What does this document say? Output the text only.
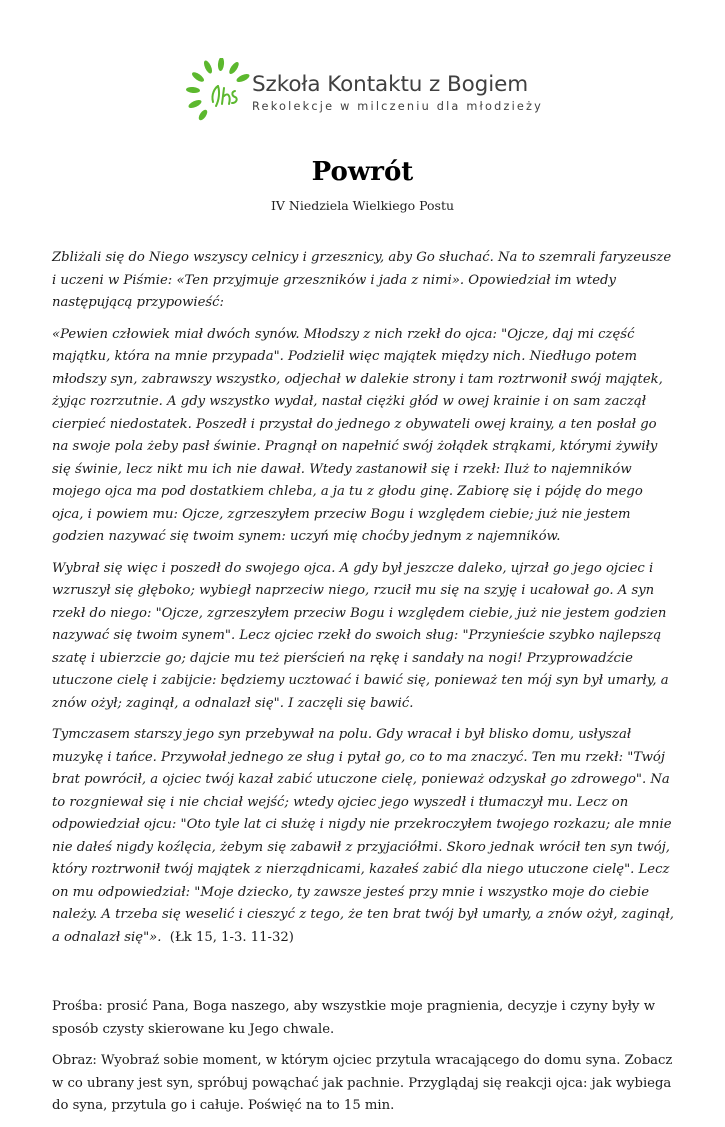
Szkoła Kontaktu z Bogiem
Rekolekcje w milczeniu dla młodzieży
Powrót
IV Niedziela Wielkiego Postu

Zbliżali się do Niego wszyscy celnicy i grzesznicy, aby Go słuchać. Na to szemrali faryzeusze i uczeni w Piśmie: «Ten przyjmuje grzeszników i jada z nimi». Opowiedział im wtedy następującą przypowieść:

«Pewien człowiek miał dwóch synów. Młodszy z nich rzekł do ojca: "Ojcze, daj mi część majątku, która na mnie przypada". Podzielił więc majątek między nich. Niedługo potem młodszy syn, zabrawszy wszystko, odjechał w dalekie strony i tam roztrwonił swój majątek, żyjąc rozrzutnie. A gdy wszystko wydał, nastał ciężki głód w owej krainie i on sam zaczął cierpieć niedostatek. Poszedł i przystał do jednego z obywateli owej krainy, a ten posłał go na swoje pola żeby pasł świnie. Pragnął on napełnić swój żołądek strąkami, którymi żywiły się świnie, lecz nikt mu ich nie dawał. Wtedy zastanowił się i rzekł: Iluż to najemników mojego ojca ma pod dostatkiem chleba, a ja tu z głodu ginę. Zabiorę się i pójdę do mego ojca, i powiem mu: Ojcze, zgrzeszyłem przeciw Bogu i względem ciebie; już nie jestem godzien nazywać się twoim synem: uczyń mię choćby jednym z najemników.

Wybrał się więc i poszedł do swojego ojca. A gdy był jeszcze daleko, ujrzał go jego ojciec i wzruszył się głęboko; wybiegł naprzeciw niego, rzucił mu się na szyję i ucałował go. A syn rzekł do niego: "Ojcze, zgrzeszyłem przeciw Bogu i względem ciebie, już nie jestem godzien nazywać się twoim synem". Lecz ojciec rzekł do swoich sług: "Przynieście szybko najlepszą szatę i ubierzcie go; dajcie mu też pierścień na rękę i sandały na nogi! Przyprowadźcie utuczone cielę i zabijcie: będziemy ucztować i bawić się, ponieważ ten mój syn był umarły, a znów ożył; zaginął, a odnalazł się". I zaczęli się bawić.

Tymczasem starszy jego syn przebywał na polu. Gdy wracał i był blisko domu, usłyszał muzykę i tańce. Przywołał jednego ze sług i pytał go, co to ma znaczyć. Ten mu rzekł: "Twój brat powrócił, a ojciec twój kazał zabić utuczone cielę, ponieważ odzyskał go zdrowego". Na to rozgniewał się i nie chciał wejść; wtedy ojciec jego wyszedł i tłumaczył mu. Lecz on odpowiedział ojcu: "Oto tyle lat ci służę i nigdy nie przekroczyłem twojego rozkazu; ale mnie nie dałeś nigdy koźlęcia, żebym się zabawił z przyjaciółmi. Skoro jednak wrócił ten syn twój, który roztrwonił twój majątek z nierządnicami, kazałeś zabić dla niego utuczone cielę". Lecz on mu odpowiedział: "Moje dziecko, ty zawsze jesteś przy mnie i wszystko moje do ciebie należy. A trzeba się weselić i cieszyć z tego, że ten brat twój był umarły, a znów ożył, zaginął, a odnalazł się"». (Łk 15, 1-3. 11-32)

Prośba: prosić Pana, Boga naszego, aby wszystkie moje pragnienia, decyzje i czyny były w sposób czysty skierowane ku Jego chwale.

Obraz: Wyobraź sobie moment, w którym ojciec przytula wracającego do domu syna. Zobacz w co ubrany jest syn, spróbuj powąchać jak pachnie. Przyglądaj się reakcji ojca: jak wybiega do syna, przytula go i całuje. Poświęć na to 15 min.
